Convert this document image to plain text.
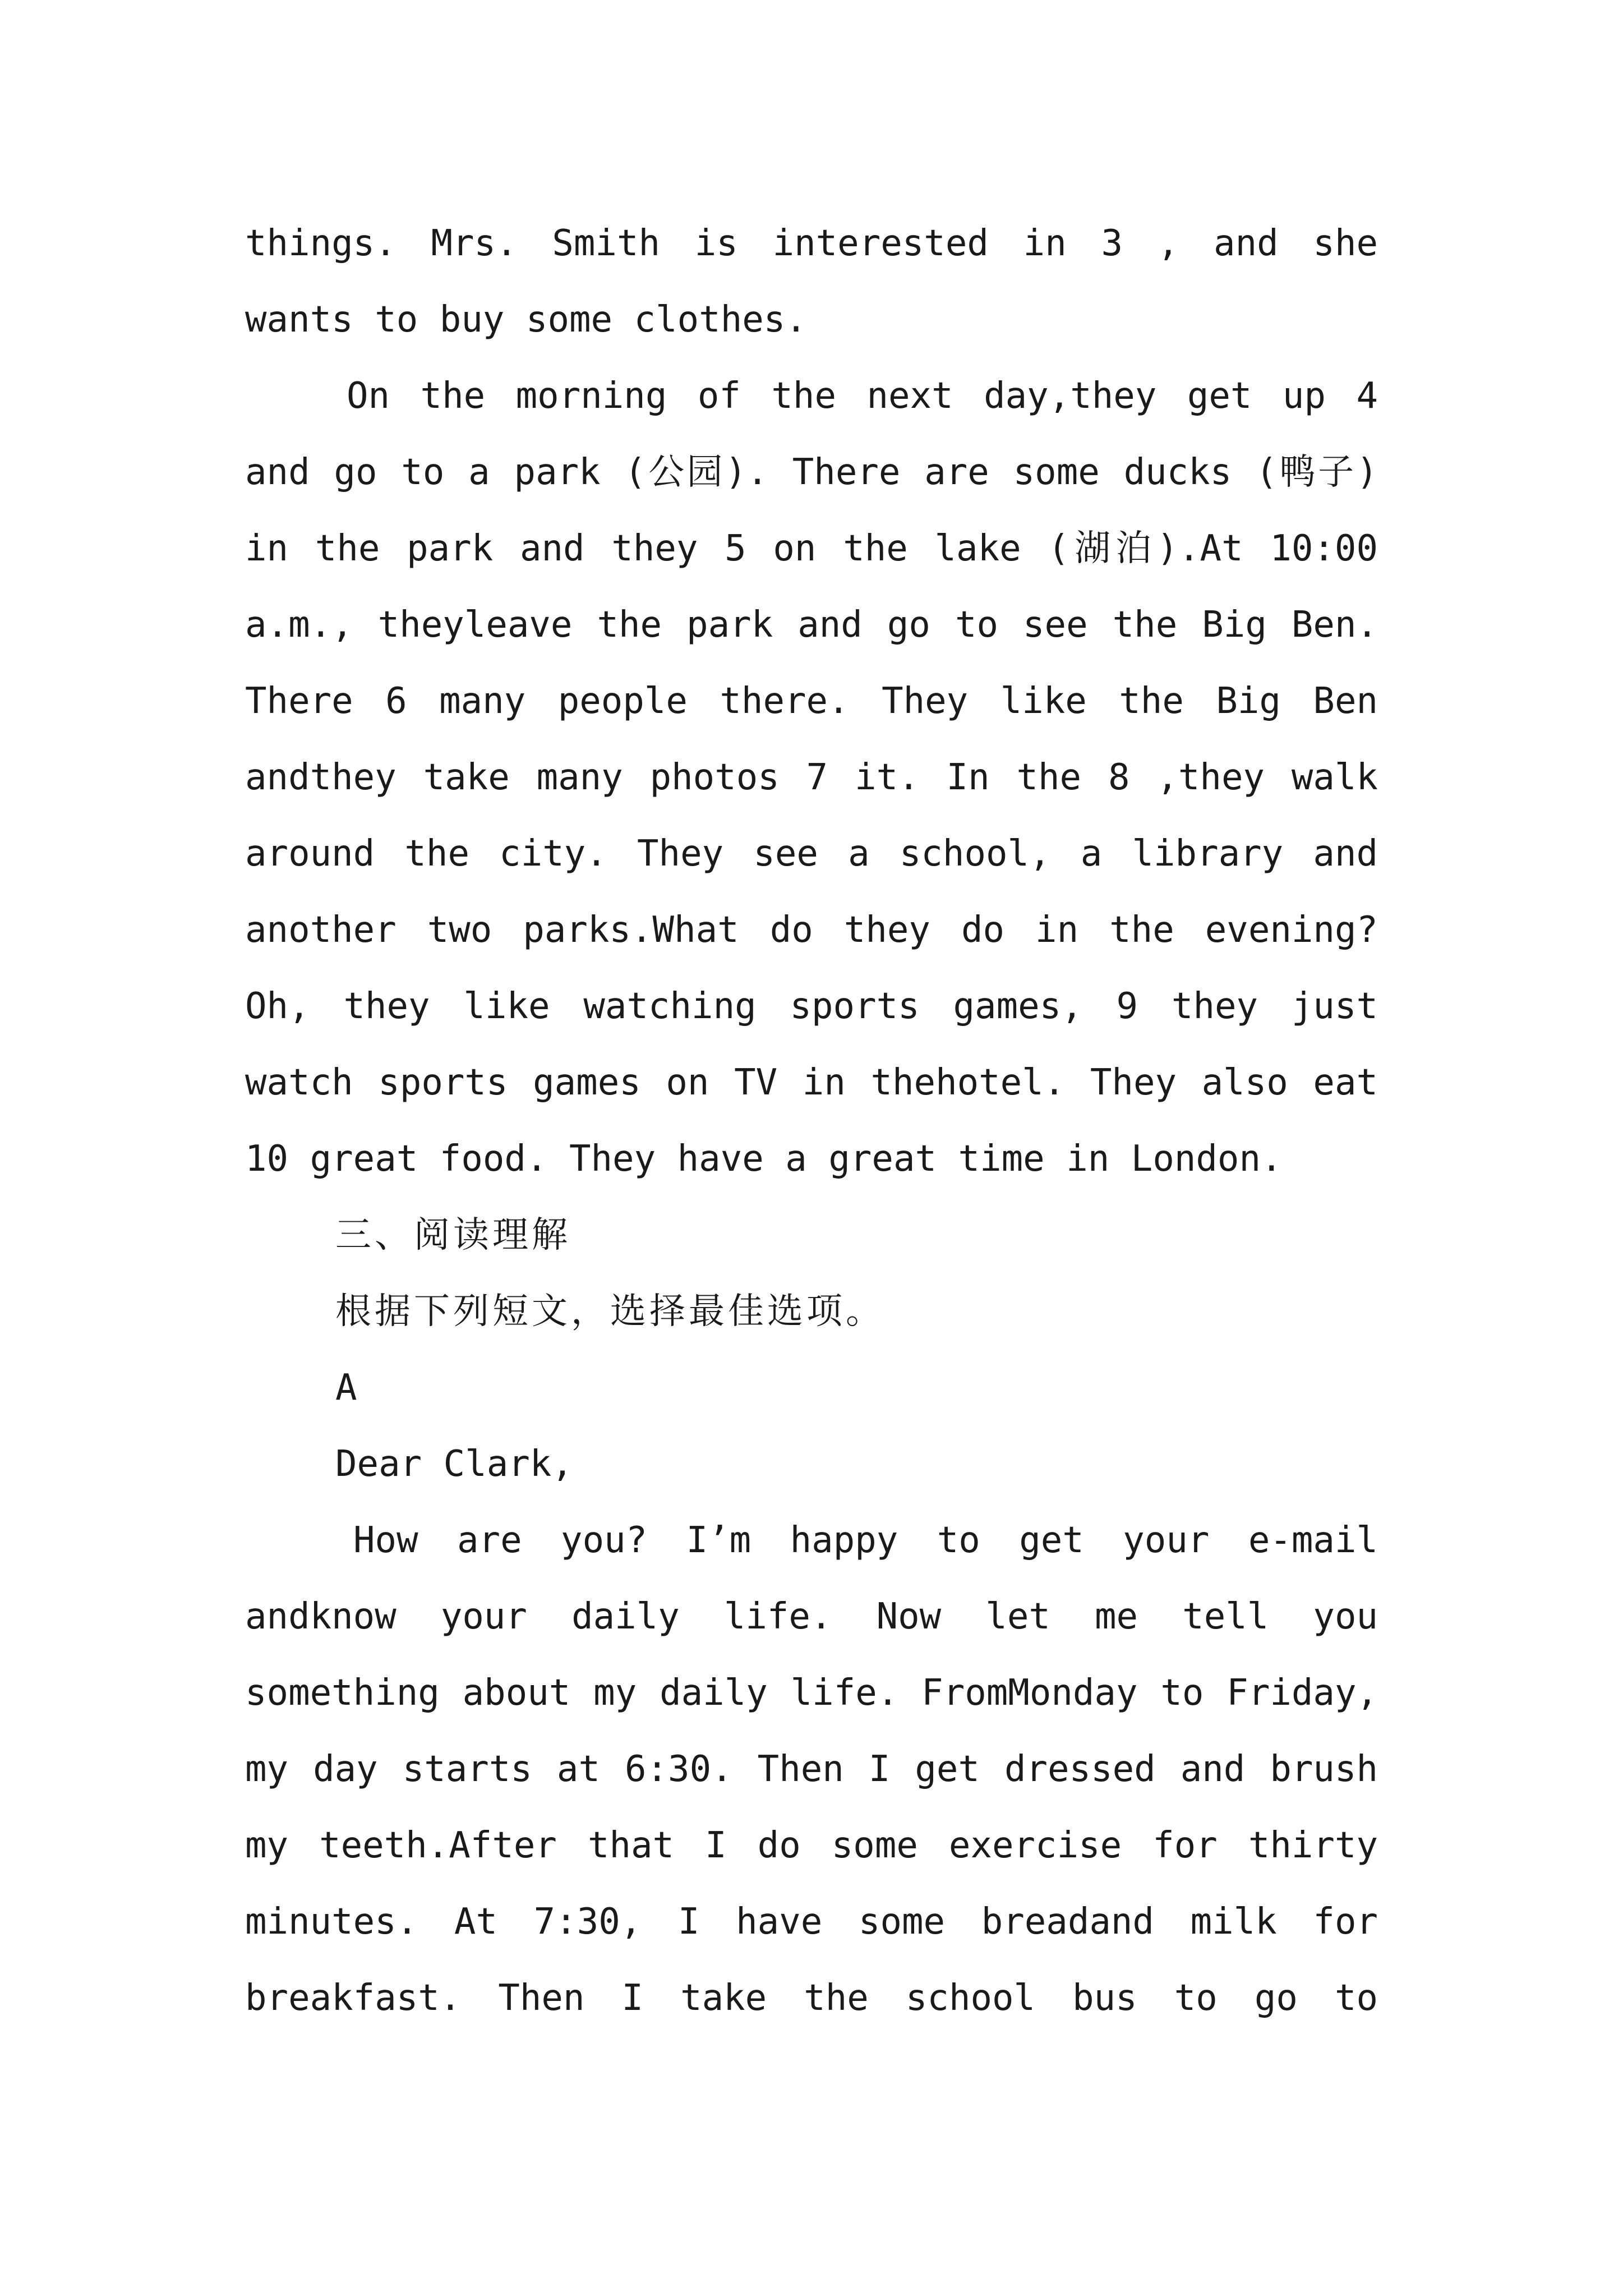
things. Mrs. Smith is interested in 3 , and she
wants to buy some clothes.
On the morning of the next day,they get up 4
and go to a park (公园). There are some ducks (鸭子)
in the park and they 5 on the lake (湖泊).At 10:00
a.m., theyleave the park and go to see the Big Ben.
There 6 many people there. They like the Big Ben
andthey take many photos 7 it. In the 8 ,they walk
around the city. They see a school, a library and
another two parks.What do they do in the evening?
Oh, they like watching sports games, 9 they just
watch sports games on TV in thehotel. They also eat
10 great food. They have a great time in London.
三、阅读理解
根据下列短文，选择最佳选项。
A
Dear Clark,
How are you? I’m happy to get your e-mail
andknow your daily life. Now let me tell you
something about my daily life. FromMonday to Friday,
my day starts at 6:30. Then I get dressed and brush
my teeth.After that I do some exercise for thirty
minutes. At 7:30, I have some breadand milk for
breakfast. Then I take the school bus to go to
